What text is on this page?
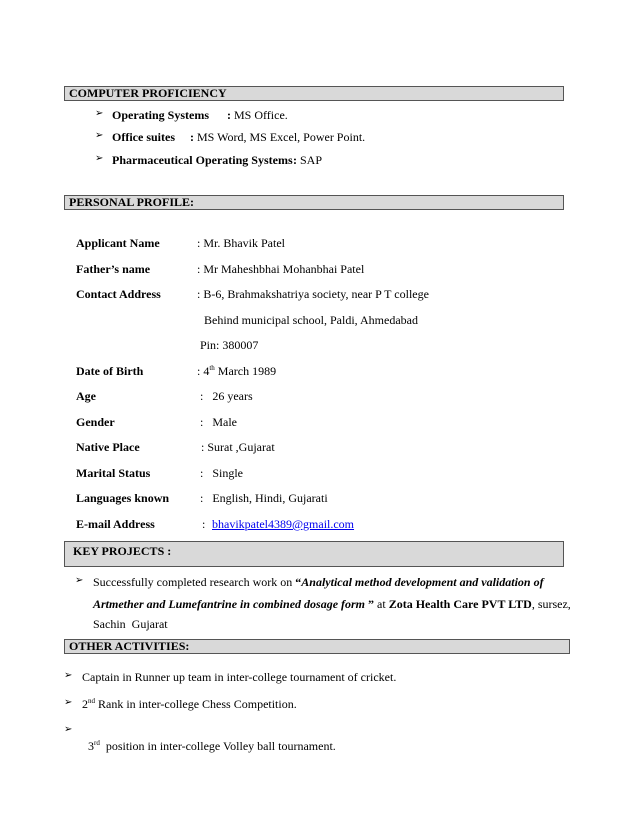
COMPUTER PROFICIENCY
➢ Operating Systems : MS Office.
➢ Office suites : MS Word, MS Excel, Power Point.
➢ Pharmaceutical Operating Systems : SAP
PERSONAL PROFILE:
Applicant Name	: Mr. Bhavik Patel
Father’s name	: Mr Maheshbhai Mohanbhai Patel
Contact Address	: B-6, Brahmakshatriya society, near P T college
Behind municipal school, Paldi, Ahmedabad
Pin: 380007
Date of Birth	: 4th March 1989
Age	:   26 years
Gender	:   Male
Native Place	: Surat ,Gujarat
Marital Status	:   Single
Languages known	:   English, Hindi, Gujarati
E-mail Address	: bhavikpatel4389@gmail.com
KEY PROJECTS :
➢ Successfully completed research work on “Analytical method development and validation of
Artmether and Lumefantrine in combined dosage form ” at Zota Health Care PVT LTD, sursez,
Sachin  Gujarat
OTHER ACTIVITIES:
➢ Captain in Runner up team in inter-college tournament of cricket.
➢ 2nd Rank in inter-college Chess Competition.
➢

3rd  position in inter-college Volley ball tournament.
